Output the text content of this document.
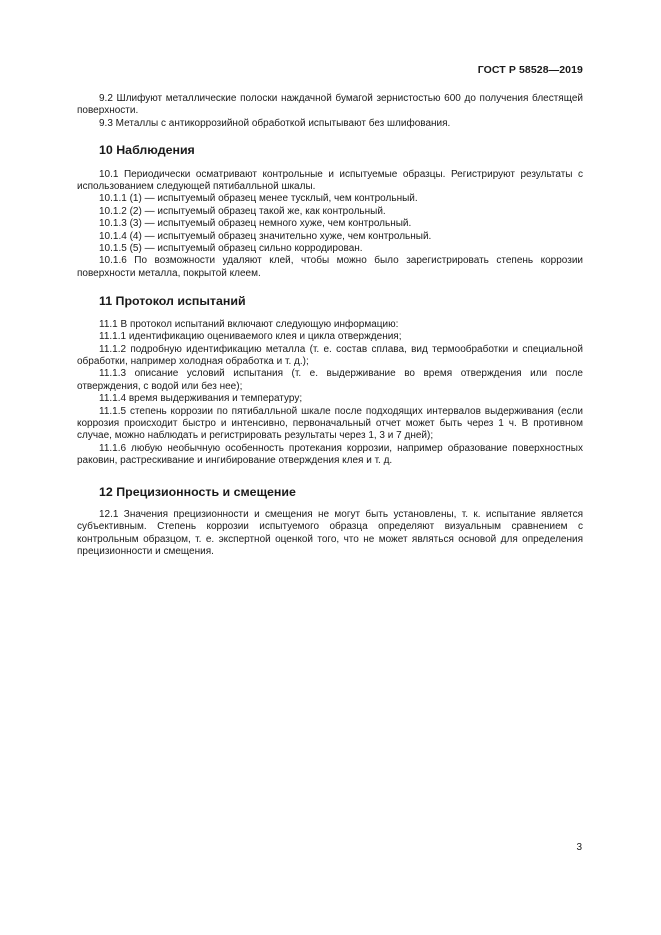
ГОСТ Р 58528—2019

9.2 Шлифуют металлические полоски наждачной бумагой зернистостью 600 до получения блестящей поверхности.

9.3 Металлы с антикоррозийной обработкой испытывают без шлифования.

10 Наблюдения

10.1 Периодически осматривают контрольные и испытуемые образцы. Регистрируют результаты с использованием следующей пятибалльной шкалы.

10.1.1 (1) — испытуемый образец менее тусклый, чем контрольный.

10.1.2 (2) — испытуемый образец такой же, как контрольный.

10.1.3 (3) — испытуемый образец немного хуже, чем контрольный.

10.1.4 (4) — испытуемый образец значительно хуже, чем контрольный.

10.1.5 (5) — испытуемый образец сильно корродирован.

10.1.6 По возможности удаляют клей, чтобы можно было зарегистрировать степень коррозии поверхности металла, покрытой клеем.

11 Протокол испытаний

11.1 В протокол испытаний включают следующую информацию:

11.1.1 идентификацию оцениваемого клея и цикла отверждения;

11.1.2 подробную идентификацию металла (т. е. состав сплава, вид термообработки и специальной обработки, например холодная обработка и т. д.);

11.1.3 описание условий испытания (т. е. выдерживание во время отверждения или после отверждения, с водой или без нее);

11.1.4 время выдерживания и температуру;

11.1.5 степень коррозии по пятибалльной шкале после подходящих интервалов выдерживания (если коррозия происходит быстро и интенсивно, первоначальный отчет может быть через 1 ч. В противном случае, можно наблюдать и регистрировать результаты через 1, 3 и 7 дней);

11.1.6 любую необычную особенность протекания коррозии, например образование поверхностных раковин, растрескивание и ингибирование отверждения клея и т. д.

12 Прецизионность и смещение

12.1 Значения прецизионности и смещения не могут быть установлены, т. к. испытание является субъективным. Степень коррозии испытуемого образца определяют визуальным сравнением с контрольным образцом, т. е. экспертной оценкой того, что не может являться основой для определения прецизионности и смещения.

3
